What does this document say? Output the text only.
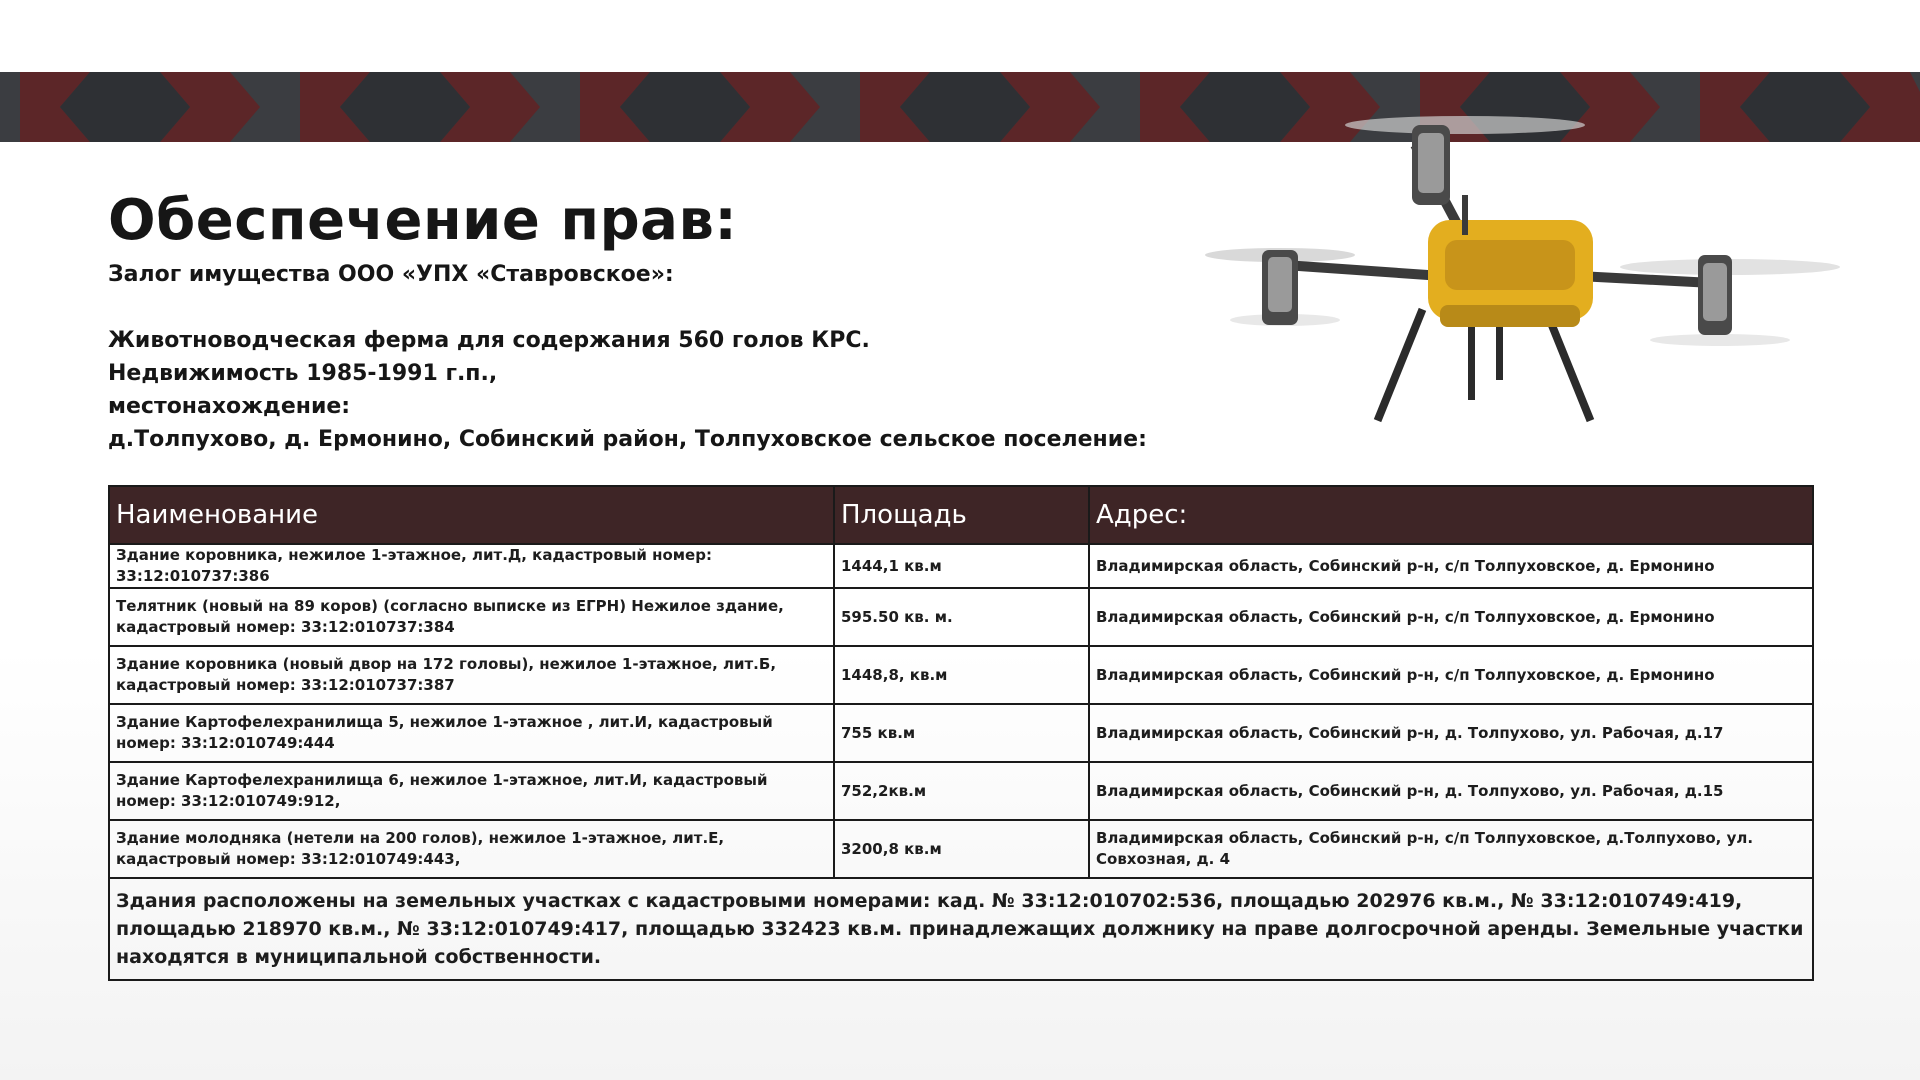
Обеспечение прав:
Залог имущества ООО «УПХ «Ставровское»:
Животноводческая ферма для содержания 560 голов КРС.
Недвижимость 1985-1991 г.п.,
местонахождение:
д.Толпухово, д. Ермонино, Собинский район, Толпуховское сельское поселение:
Наименование	Площадь	Адрес:
Здание коровника, нежилое 1-этажное, лит.Д, кадастровый номер: 33:12:010737:386	1444,1 кв.м	Владимирская область, Собинский р-н, с/п Толпуховское, д. Ермонино
Телятник (новый на 89 коров) (согласно выписке из ЕГРН) Нежилое здание, кадастровый номер: 33:12:010737:384	595.50 кв. м.	Владимирская область, Собинский р-н, с/п Толпуховское, д. Ермонино
Здание коровника (новый двор на 172 головы), нежилое 1-этажное, лит.Б, кадастровый номер: 33:12:010737:387	1448,8, кв.м	Владимирская область, Собинский р-н, с/п Толпуховское, д. Ермонино
Здание Картофелехранилища 5, нежилое 1-этажное , лит.И, кадастровый номер: 33:12:010749:444	755 кв.м	Владимирская область, Собинский р-н, д. Толпухово, ул. Рабочая, д.17
Здание Картофелехранилища 6, нежилое 1-этажное, лит.И, кадастровый номер: 33:12:010749:912,	752,2кв.м	Владимирская область, Собинский р-н, д. Толпухово, ул. Рабочая, д.15
Здание молодняка (нетели на 200 голов), нежилое 1-этажное, лит.Е, кадастровый номер: 33:12:010749:443,	3200,8 кв.м	Владимирская область, Собинский р-н, с/п Толпуховское, д.Толпухово, ул. Совхозная, д. 4
Здания расположены на земельных участках с кадастровыми номерами: кад. № 33:12:010702:536, площадью 202976 кв.м., № 33:12:010749:419, площадью 218970 кв.м., № 33:12:010749:417, площадью 332423 кв.м. принадлежащих должнику на праве долгосрочной аренды. Земельные участки находятся в муниципальной собственности.		
